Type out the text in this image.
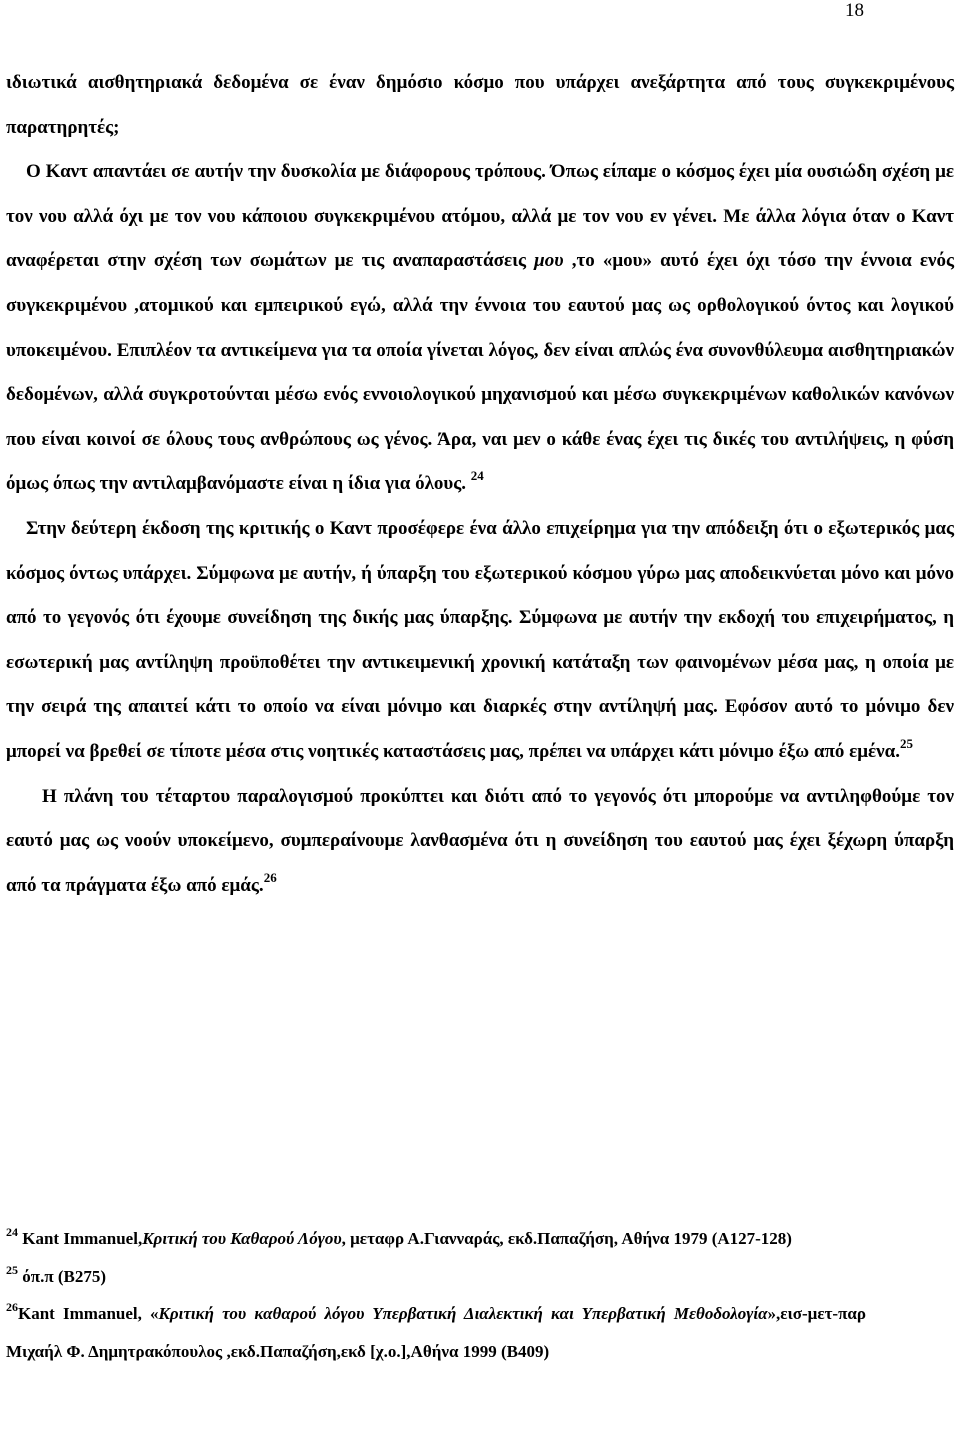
18

ιδιωτικά αισθητηριακά δεδομένα σε έναν δημόσιο κόσμο που υπάρχει ανεξάρτητα από τους συγκεκριμένους παρατηρητές;

Ο Καντ απαντάει σε αυτήν την δυσκολία με διάφορους τρόπους. Όπως είπαμε ο κόσμος έχει μία ουσιώδη σχέση με τον νου αλλά όχι με τον νου κάποιου συγκεκριμένου ατόμου, αλλά με τον νου εν γένει. Με άλλα λόγια όταν ο Καντ αναφέρεται στην σχέση των σωμάτων με τις αναπαραστάσεις μου ,το «μου» αυτό έχει όχι τόσο την έννοια ενός συγκεκριμένου ,ατομικού και εμπειρικού εγώ, αλλά την έννοια του εαυτού μας ως ορθολογικού όντος και λογικού υποκειμένου. Επιπλέον τα αντικείμενα για τα οποία γίνεται λόγος, δεν είναι απλώς ένα συνονθύλευμα αισθητηριακών δεδομένων, αλλά συγκροτούνται μέσω ενός εννοιολογικού μηχανισμού και μέσω συγκεκριμένων καθολικών κανόνων που είναι κοινοί σε όλους τους ανθρώπους ως γένος. Άρα, ναι μεν ο κάθε ένας έχει τις δικές του αντιλήψεις, η φύση όμως όπως την αντιλαμβανόμαστε είναι η ίδια για όλους. $^{24}$

Στην δεύτερη έκδοση της κριτικής ο Καντ προσέφερε ένα άλλο επιχείρημα για την απόδειξη ότι ο εξωτερικός μας κόσμος όντως υπάρχει. Σύμφωνα με αυτήν, ή ύπαρξη του εξωτερικού κόσμου γύρω μας αποδεικνύεται μόνο και μόνο από το γεγονός ότι έχουμε συνείδηση της δικής μας ύπαρξης. Σύμφωνα με αυτήν την εκδοχή του επιχειρήματος, η εσωτερική μας αντίληψη προϋποθέτει την αντικειμενική χρονική κατάταξη των φαινομένων μέσα μας, η οποία με την σειρά της απαιτεί κάτι το οποίο να είναι μόνιμο και διαρκές στην αντίληψή μας. Εφόσον αυτό το μόνιμο δεν μπορεί να βρεθεί σε τίποτε μέσα στις νοητικές καταστάσεις μας, πρέπει να υπάρχει κάτι μόνιμο έξω από εμένα.$^{25}$

Η πλάνη του τέταρτου παραλογισμού προκύπτει και διότι από το γεγονός ότι μπορούμε να αντιληφθούμε τον εαυτό μας ως νοούν υποκείμενο, συμπεραίνουμε λανθασμένα ότι η συνείδηση του εαυτού μας έχει ξέχωρη ύπαρξη από τα πράγματα έξω από εμάς.$^{26}$

$^{24}$ Kant Immanuel,Κριτική του Καθαρού Λόγου, μεταφρ Α.Γιανναράς, εκδ.Παπαζήση, Αθήνα 1979 (Α127-128)

$^{25}$ όπ.π (Β275)

$^{26}$Kant Immanuel, «Κριτική του καθαρού λόγου Υπερβατική Διαλεκτική και Υπερβατική Μεθοδολογία»,εισ-μετ-παρ Μιχαήλ Φ. Δημητρακόπουλος ,εκδ.Παπαζήση,εκδ [χ.ο.],Αθήνα 1999 (Β409)
